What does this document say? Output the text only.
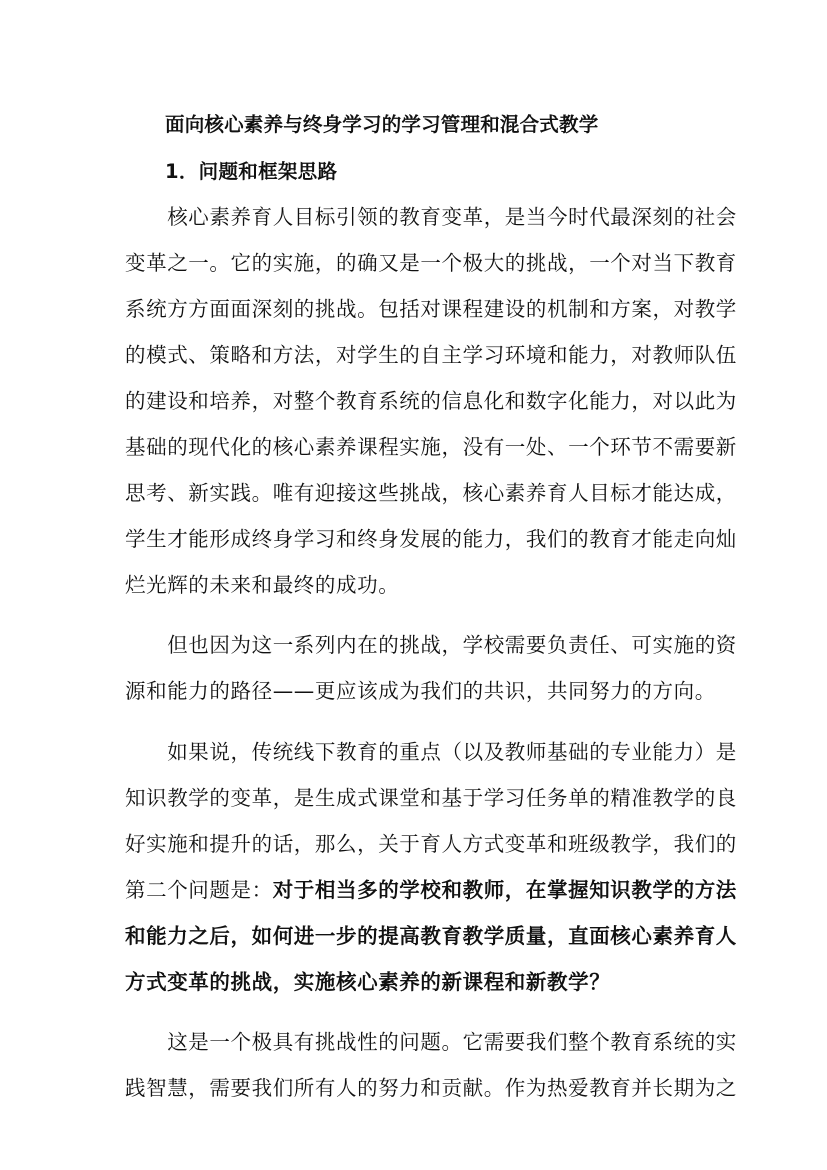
面向核心素养与终身学习的学习管理和混合式教学
1．问题和框架思路
　　核心素养育人目标引领的教育变革，是当今时代最深刻的社会
变革之一。它的实施，的确又是一个极大的挑战，一个对当下教育
系统方方面面深刻的挑战。包括对课程建设的机制和方案，对教学
的模式、策略和方法，对学生的自主学习环境和能力，对教师队伍
的建设和培养，对整个教育系统的信息化和数字化能力，对以此为
基础的现代化的核心素养课程实施，没有一处、一个环节不需要新
思考、新实践。唯有迎接这些挑战，核心素养育人目标才能达成，
学生才能形成终身学习和终身发展的能力，我们的教育才能走向灿
烂光辉的未来和最终的成功。
　　但也因为这一系列内在的挑战，学校需要负责任、可实施的资
源和能力的路径——更应该成为我们的共识，共同努力的方向。
　　如果说，传统线下教育的重点（以及教师基础的专业能力）是
知识教学的变革，是生成式课堂和基于学习任务单的精准教学的良
好实施和提升的话，那么，关于育人方式变革和班级教学，我们的
第二个问题是：对于相当多的学校和教师，在掌握知识教学的方法
和能力之后，如何进一步的提高教育教学质量，直面核心素养育人
方式变革的挑战，实施核心素养的新课程和新教学？
　　这是一个极具有挑战性的问题。它需要我们整个教育系统的实
践智慧，需要我们所有人的努力和贡献。作为热爱教育并长期为之
